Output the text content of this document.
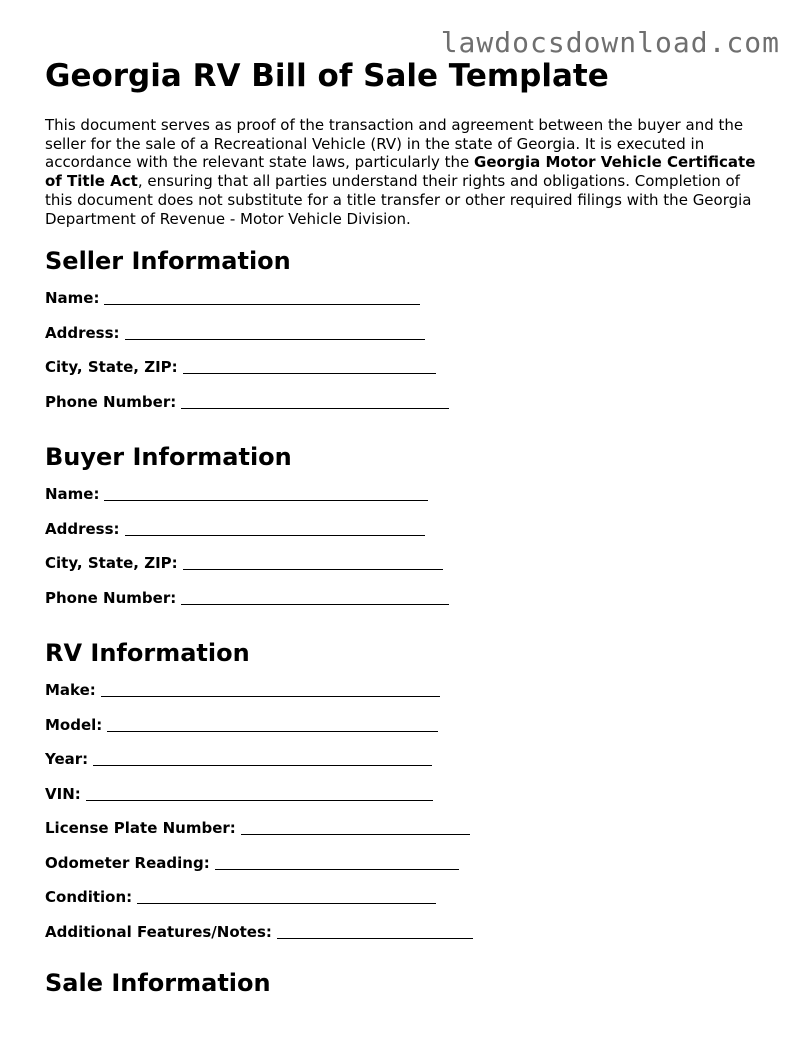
lawdocsdownload.com
Georgia RV Bill of Sale Template
This document serves as proof of the transaction and agreement between the buyer and the seller for the sale of a Recreational Vehicle (RV) in the state of Georgia. It is executed in accordance with the relevant state laws, particularly the Georgia Motor Vehicle Certificate of Title Act, ensuring that all parties understand their rights and obligations. Completion of this document does not substitute for a title transfer or other required filings with the Georgia Department of Revenue - Motor Vehicle Division.
Seller Information
Name:
Address:
City, State, ZIP:
Phone Number:
Buyer Information
Name:
Address:
City, State, ZIP:
Phone Number:
RV Information
Make:
Model:
Year:
VIN:
License Plate Number:
Odometer Reading:
Condition:
Additional Features/Notes:
Sale Information
